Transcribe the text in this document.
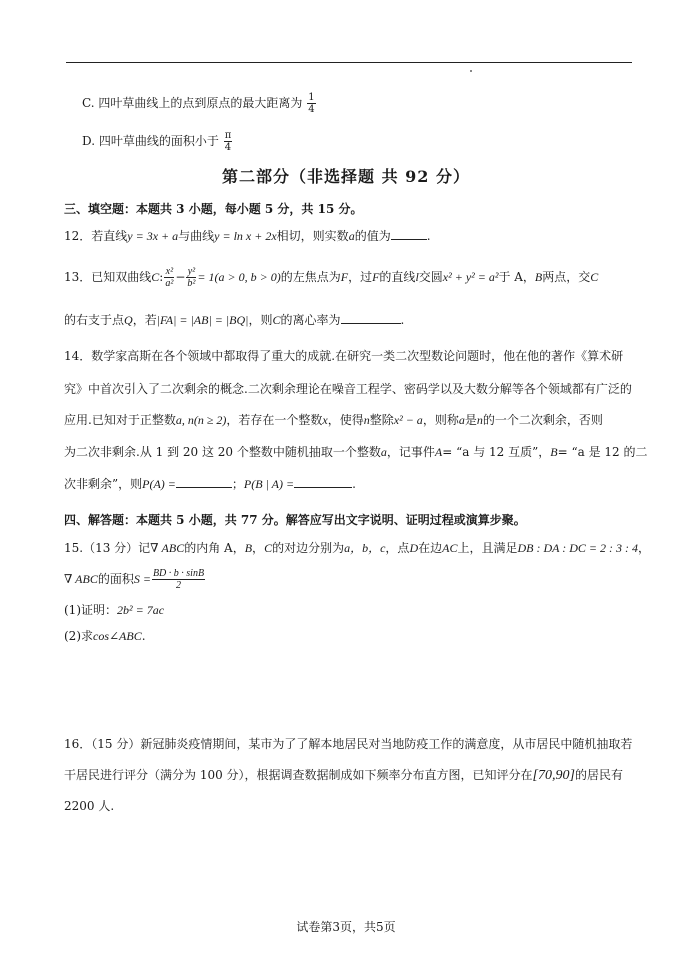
C. 四叶草曲线上的点到原点的最大距离为 $\frac{1}{4}$
D. 四叶草曲线的面积小于 $\frac{\pi}{4}$
第二部分（非选择题 共 92 分）
三、填空题：本题共 3 小题，每小题 5 分，共 15 分。
12．若直线y = 3x + a与曲线y = ln x + 2x相切，则实数a的值为	.
13．已知双曲线C: $\frac{\text{x²}}{\text{a²}} - \frac{\text{y²}}{\text{b²}} = 1(a > 0$, b > 0)的左焦点为F，过F的直线l交圆x² + y² = a²于 A，B两点，交C
的右支于点Q，若|FA| = |AB| = |BQ|，则C的离心率为	.
14．数学家高斯在各个领域中都取得了重大的成就.在研究一类二次型数论问题时，他在他的著作《算术研
究》中首次引入了二次剩余的概念.二次剩余理论在噪音工程学、密码学以及大数分解等各个领域都有广泛的
应用.已知对于正整数a, n(n ≥ 2)，若存在一个整数x，使得n整除x² − a，则称a是n的一个二次剩余，否则
为二次非剩余.从 1 到 20 这 20 个整数中随机抽取一个整数a，记事件A= “a 与 12 互质”，B= “a 是 12 的二
次非剩余”，则P(A) =	；P(B | A) =	.
四、解答题：本题共 5 小题，共 77 分。解答应写出文字说明、证明过程或演算步聚。
15.（13 分）记∇ ABC的内角 A，B，C的对边分别为a，b，c，点D在边AC上，且满足DB : DA : DC = 2 : 3 : 4，
∇ ABC的面积$S = \frac{BD \cdot b \cdot \sin B}{2}$
(1)证明：2b² = 7ac
(2)求cos∠ABC.
16．（15 分）新冠肺炎疫情期间，某市为了了解本地居民对当地防疫工作的满意度，从市居民中随机抽取若
干居民进行评分（满分为 100 分），根据调查数据制成如下频率分布直方图，已知评分在[70,90]的居民有
2200 人.
试卷第3页，共5页
